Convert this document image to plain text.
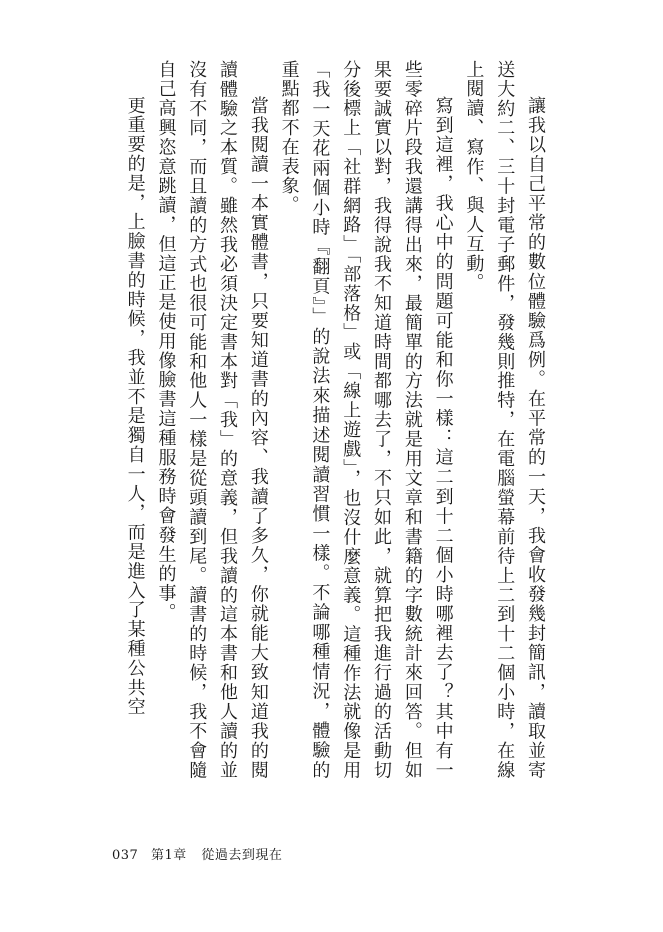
讓我以自己平常的數位體驗爲例。在平常的一天，我會收發幾封簡訊，讀取並寄送大約二、三十封電子郵件，發幾則推特，在電腦螢幕前待上二到十二個小時，在線上閱讀、寫作、與人互動。

寫到這裡，我心中的問題可能和你一樣：這二到十二個小時哪裡去了？其中有一些零碎片段我還講得出來，最簡單的方法就是用文章和書籍的字數統計來回答。但如果要誠實以對，我得說我不知道時間都哪去了，不只如此，就算把我進行過的活動切分後標上「社群網路」「部落格」或「線上遊戲」，也沒什麼意義。這種作法就像是用「我一天花兩個小時『翻頁』」的說法來描述閱讀習慣一樣。不論哪種情況，體驗的重點都不在表象。

當我閱讀一本實體書，只要知道書的內容、我讀了多久，你就能大致知道我的閱讀體驗之本質。雖然我必須決定書本對「我」的意義，但我讀的這本書和他人讀的並沒有不同，而且讀的方式也很可能和他人一樣是從頭讀到尾。讀書的時候，我不會隨自己高興恣意跳讀，但這正是使用像臉書這種服務時會發生的事。

更重要的是，上臉書的時候，我並不是獨自一人，而是進入了某種公共空

037 第1章 從過去到現在
